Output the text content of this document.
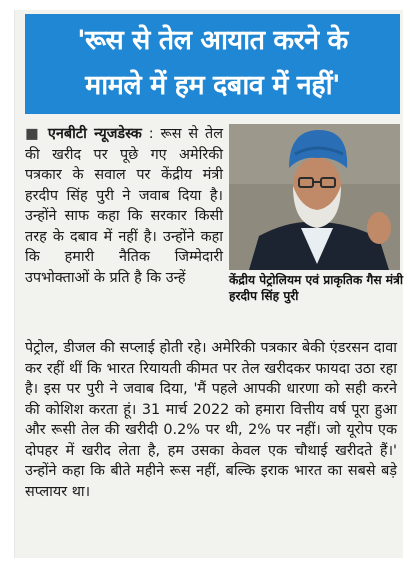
'रूस से तेल आयात करने के
मामले में हम दबाव में नहीं'
■ एनबीटी न्यूजडेस्क : रूस से तेल की खरीद पर पूछे गए अमेरिकी पत्रकार के सवाल पर केंद्रीय मंत्री हरदीप सिंह पुरी ने जवाब दिया है। उन्होंने साफ कहा कि सरकार किसी तरह के दबाव में नहीं है। उन्होंने कहा कि हमारी नैतिक जिम्मेदारी उपभोक्ताओं के प्रति है कि उन्हें	केंद्रीय पेट्रोलियम एवं प्राकृतिक गैस मंत्री हरदीप सिंह पुरी
पेट्रोल, डीजल की सप्लाई होती रहे। अमेरिकी पत्रकार बेकी एंडरसन दावा कर रहीं थीं कि भारत रियायती कीमत पर तेल खरीदकर फायदा उठा रहा है। इस पर पुरी ने जवाब दिया, 'मैं पहले आपकी धारणा को सही करने की कोशिश करता हूं। 31 मार्च 2022 को हमारा वित्तीय वर्ष पूरा हुआ और रूसी तेल की खरीदी 0.2% पर थी, 2% पर नहीं। जो यूरोप एक दोपहर में खरीद लेता है, हम उसका केवल एक चौथाई खरीदते हैं।' उन्होंने कहा कि बीते महीने रूस नहीं, बल्कि इराक भारत का सबसे बड़े सप्लायर था।
